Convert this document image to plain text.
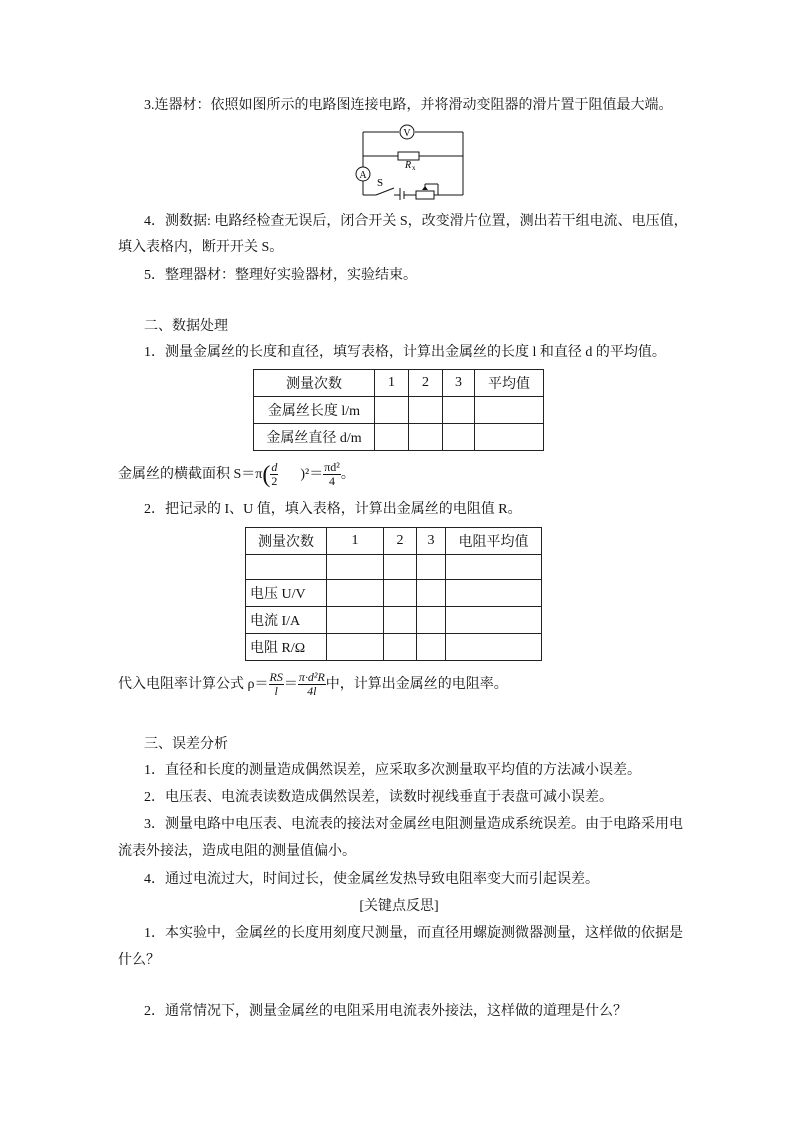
3.连器材：依照如图所示的电路图连接电路，并将滑动变阻器的滑片置于阻值最大端。
V
A
R x
S
4．测数据: 电路经检查无误后，闭合开关 S，改变滑片位置，测出若干组电流、电压值，
填入表格内，断开开关 S。
5．整理器材：整理好实验器材，实验结束。
二、数据处理
1．测量金属丝的长度和直径，填写表格，计算出金属丝的长度 l 和直径 d 的平均值。
测量次数	1	2	3	平均值
金属丝长度 l/m				
金属丝直径 d/m				
金属丝的横截面积 $S=\pi( \frac{d}{2} )^2= \frac{\text{πd²}}{4}$ 。
2．把记录的 I、U 值，填入表格，计算出金属丝的电阻值 R。
测量次数	1	2	3	电阻平均值

电压 U/V				
电流 I/A				
电阻 R/Ω				
代入电阻率计算公式 $\rho= \frac{RS}{l} = \frac{\text{π·d²R}}{4l}$ 中，计算出金属丝的电阻率。
三、误差分析
1．直径和长度的测量造成偶然误差，应采取多次测量取平均值的方法减小误差。
2．电压表、电流表读数造成偶然误差，读数时视线垂直于表盘可减小误差。
3．测量电路中电压表、电流表的接法对金属丝电阻测量造成系统误差。由于电路采用电
流表外接法，造成电阻的测量值偏小。
4．通过电流过大，时间过长，使金属丝发热导致电阻率变大而引起误差。
[关键点反思]
1．本实验中，金属丝的长度用刻度尺测量，而直径用螺旋测微器测量，这样做的依据是
什么？
2．通常情况下，测量金属丝的电阻采用电流表外接法，这样做的道理是什么？
